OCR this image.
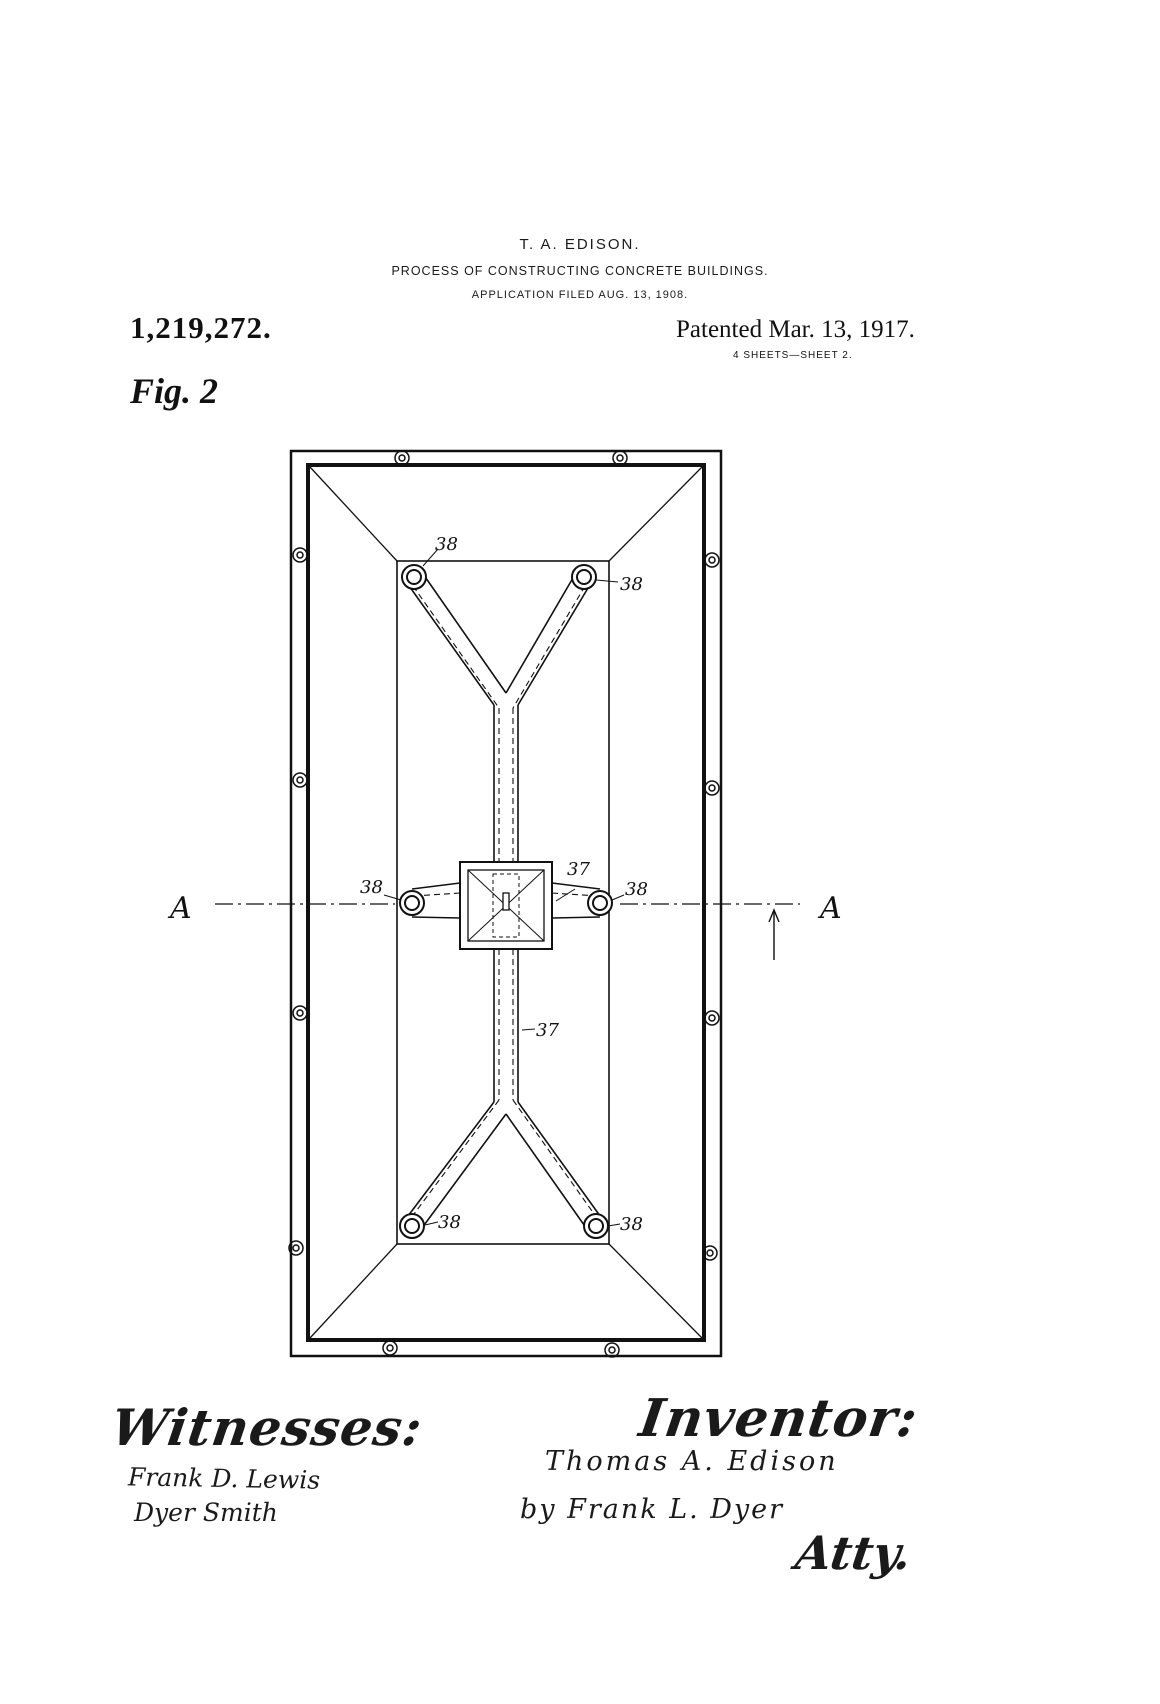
T. A. EDISON.
PROCESS OF CONSTRUCTING CONCRETE BUILDINGS.
APPLICATION FILED AUG. 13, 1908.
1,219,272.	Patented Mar. 13, 1917.
4 SHEETS—SHEET 2.
Fig. 2
A	A
38
38
38	38
37
37
38	38
Witnesses:
Frank D. Lewis
Dyer Smith
Inventor:
Thomas A. Edison
by Frank L. Dyer
Atty.
